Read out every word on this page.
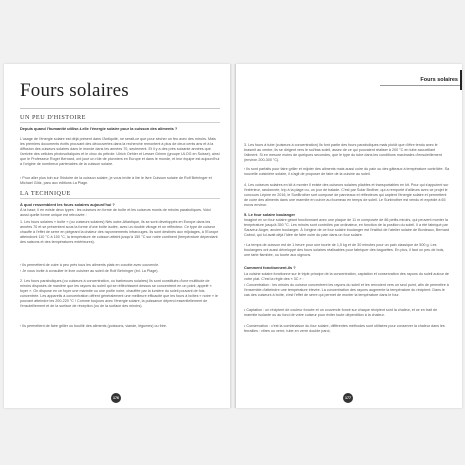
Fours solaires
UN PEU D'HISTOIRE
Depuis quand l'humanité utilise-t-elle l'énergie solaire pour la cuisson des aliments ?
L'usage de l'énergie solaire est déjà présent dans l'Antiquité, ne serait-ce que pour sécher un feu avec des miroirs. Mais les premiers documents écrits prouvant des découvertes dans la recherche remontent à plus de deux cents ans et à la diffusion des cuiseurs solaires dans le monde dans les années 70, seulement. Et il y a des près soixante années que l'arrivée des cellules photovoltaïques et le choc du pétrole. Ulrich Oehler et Lesser Grimm (groupe ULOG en Suisse), ainsi que le Professeur Roger Bernard, ont joué un rôle de pionniers en Europe et dans le monde, et leur équipe est aujourd'hui à l'origine de nombreux partenaires de la cuisson solaire.
› Pour aller plus loin sur l'histoire de la cuisson solaire, je vous invite à lire le livre Cuisson solaire de Rolf Behringer et Michael Götz, paru aux éditions La Plage.
LA TECHNIQUE
À quoi ressemblent les fours solaires aujourd'hui ?
À la base, il en existe deux types : les cuiseurs en forme de boîte et les cuiseurs munis de miroirs paraboliques. Voici aussi quelle forme unique est retrouvée :
1. Les fours solaires « boîte » (ou cuiseurs solaires) Nés outre-Atlantique, ils se sont développés en Europe dans les années 70 et se présentent sous la forme d'une boîte isolée, avec un double vitrage et un réflecteur. Ce type de cuiseur chauffe à l'effet de serre en piégeant la chaleur des rayonnements infrarouges. Ils sont destinés aux mijotages, à l'Europe atteindront 110 °C à 150 °C, la température de cuisson atteint jusqu'à 150 °C sur notre continent (température dépendant des saisons et des températures extérieures).
› Ils permettent de cuire à peu près tous les aliments plats en cocotte avec couvercle.
› Je vous invite à consulter le livre cuisiner au soleil de Rolf Behringer (éd. La Plage).
2. Les fours paraboliques (ou cuiseurs à concentration, ou barbecues solaires) Ils sont constitués d'une multitude de miroirs disposés de manière que les rayons du soleil qui se réfléchissent dessus se concentrent en un point, appelé « foyer ». On dispose en ce foyer une marmite ou une poêle noire, chauffée par la lumière du soleil pouvant de fois concentrée. Les appareils à concentration offrent généralement une meilleure efficacité que les fours à boîtes « notre » le pouvant atteindre les 200-220 °C ! Comme toujours avec l'énergie solaire, la puissance dépend essentiellement de l'ensoleillement et de la surface de réception (ou de la surface des miroirs).
› Ils permettent de faire griller ou bouillir des aliments (poissons, viande, légumes) ou frire.
176
Fours solaires
3. Les fours à tube (cuiseurs à concentration) Ils font partie des fours paraboliques mais plutôt que d'être tendu avec le brasmit au centre, ils se dirigent vers le sol/bas soleil, assez de ce qui pouvaient réaliser à 200 °C en tube accueillant l'aliment. Si en mesure moins de quelques secondes, que le type du tube dans les conditions maximales d'ensoleillement (environ 200-300 °C).
› Ils sont parfaits pour faire griller et mijoter des aliments mais aussi cuire du pain ou des gâteaux à température contrôlée. Sa nouvelle cuisinière solaire, il s'agit de proposer de faire de la cuisine au soleil.
4. Les cuiseurs solaires en kit à monter Il existe des cuiseurs solaires pliables et transportables en kit. Pour qui s'appuient sur l'extérieur, randonnée, trip à la plage ou, un jour de balade. C'est par Solar Brother, qui a remporté d'ailleurs avec ce projet le concours Lépine en 2016, le SunBrother sort composé de panneaux et réflecteurs qui captent l'énergie solaire et permettent de cuire des aliments dans une marmite en cuivre au fourneau en temps de soleil. Le Sunbrother est vendu et expédié à 65 euros environ.
5. Le four solaire boulanger
Imaginé en un four solaire géant fonctionnant avec une plaque de 11 m composée de 86 petits miroirs, qui peuvent monter la température jusqu'à 350 °C. Les miroirs sont contrôlés par ordinateur, en fonction de la position du soleil. Il a été fabriqué par Sauveur Auger, ancien boulanger. À l'origine de ce four solaire boulanger est l'institut de l'atelier solaire de Bordeaux, Bernard Cabrol, qui lui avait déjà l'idée de faire cuire du pain dans un four solaire.
› La temps de cuisson est de 1 heure pour une tourte de 1,5 kg et de 30 minutes pour un pain classique de 500 g. Les boulangers ont aussi développé des fours solaires réalisables pour fabriquer des baguettes. En plus, il faut un peu de bois, une tarte flambée, ou tourte aux oignons.
Comment fonctionnent-ils ?
La cuisine solaire fonctionne sur le triple principe de la concentration, captation et conservation des rayons du soleil autour de votre plat. C'est la règle des « 3C » :
• Concentration : les miroirs du cuiseur concentrent les rayons du soleil et les renvoient vers un seul point, afin de permettre à l'ensemble d'atteindre une température élevée. La concentration des rayons augmente la température du récipient. Dans le cas des cuiseurs à boîte, c'est l'effet de serre qui permet de monter la température dans le four.
• Captation : un récipient de couleur foncée et un couvercle foncé sur chaque récipient sont la chaleur, et ce en trait de marmite isolante ou au fond de votre cuiseur pour éviter toute déperdition à la chaleur.
• Conservation : c'est la combinaison du four solaire, différentes méthodes sont utilisées pour conserver la chaleur dans les ferrailles : vitres ou verre, tube en verre double paroi,
177
